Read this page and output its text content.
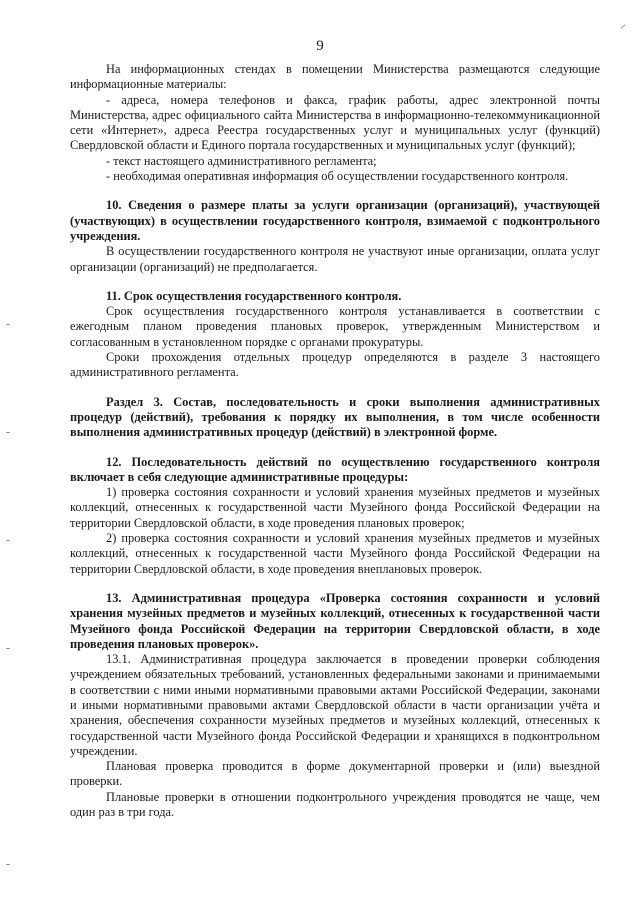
9

На информационных стендах в помещении Министерства размещаются следующие информационные материалы:

- адреса, номера телефонов и факса, график работы, адрес электронной почты Министерства, адрес официального сайта Министерства в информационно-телекоммуникационной сети «Интернет», адреса Реестра государственных услуг и муниципальных услуг (функций) Свердловской области и Единого портала государственных и муниципальных услуг (функций);

- текст настоящего административного регламента;

- необходимая оперативная информация об осуществлении государственного контроля.

10. Сведения о размере платы за услуги организации (организаций), участвующей (участвующих) в осуществлении государственного контроля, взимаемой с подконтрольного учреждения.

В осуществлении государственного контроля не участвуют иные организации, оплата услуг организации (организаций) не предполагается.

11. Срок осуществления государственного контроля.

Срок осуществления государственного контроля устанавливается в соответствии с ежегодным планом проведения плановых проверок, утвержденным Министерством и согласованным в установленном порядке с органами прокуратуры.

Сроки прохождения отдельных процедур определяются в разделе 3 настоящего административного регламента.

Раздел 3. Состав, последовательность и сроки выполнения административных процедур (действий), требования к порядку их выполнения, в том числе особенности выполнения административных процедур (действий) в электронной форме.

12. Последовательность действий по осуществлению государственного контроля включает в себя следующие административные процедуры:

1) проверка состояния сохранности и условий хранения музейных предметов и музейных коллекций, отнесенных к государственной части Музейного фонда Российской Федерации на территории Свердловской области, в ходе проведения плановых проверок;

2) проверка состояния сохранности и условий хранения музейных предметов и музейных коллекций, отнесенных к государственной части Музейного фонда Российской Федерации на территории Свердловской области, в ходе проведения внеплановых проверок.

13. Административная процедура «Проверка состояния сохранности и условий хранения музейных предметов и музейных коллекций, отнесенных к государственной части Музейного фонда Российской Федерации на территории Свердловской области, в ходе проведения плановых проверок».

13.1. Административная процедура заключается в проведении проверки соблюдения учреждением обязательных требований, установленных федеральными законами и принимаемыми в соответствии с ними иными нормативными правовыми актами Российской Федерации, законами и иными нормативными правовыми актами Свердловской области в части организации учёта и хранения, обеспечения сохранности музейных предметов и музейных коллекций, отнесенных к государственной части Музейного фонда Российской Федерации и хранящихся в подконтрольном учреждении.

Плановая проверка проводится в форме документарной проверки и (или) выездной проверки.

Плановые проверки в отношении подконтрольного учреждения проводятся не чаще, чем один раз в три года.
